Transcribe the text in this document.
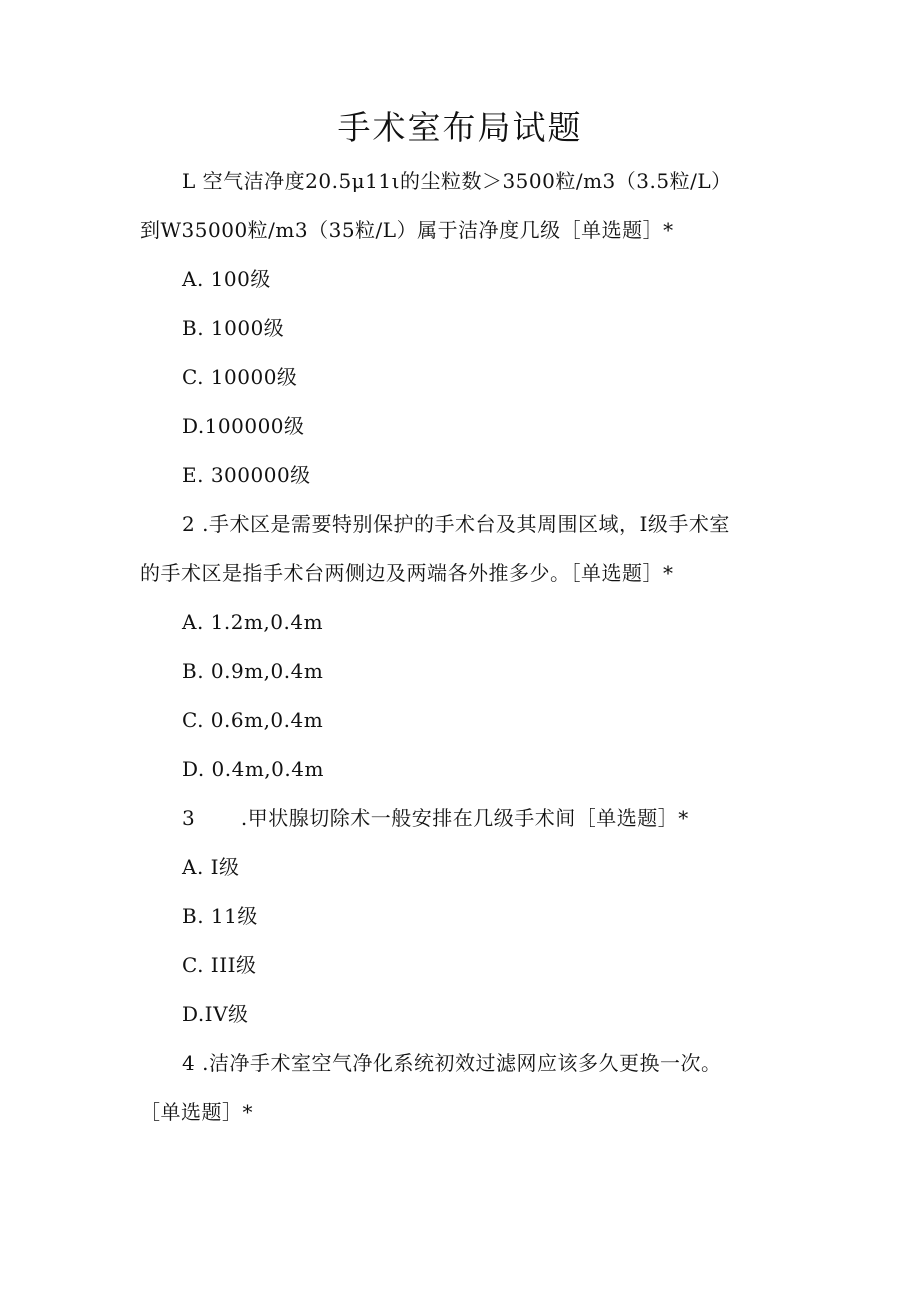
手术室布局试题
L 空气洁净度20.5μ11ι的尘粒数＞3500粒/m3（3.5粒/L）
到W35000粒/m3（35粒/L）属于洁净度几级［单选题］*
A. 100级
B. 1000级
C. 10000级
D.100000级
E. 300000级
2 .手术区是需要特别保护的手术台及其周围区域，I级手术室
的手术区是指手术台两侧边及两端各外推多少。［单选题］*
A. 1.2m,0.4m
B. 0.9m,0.4m
C. 0.6m,0.4m
D. 0.4m,0.4m
3 .甲状腺切除术一般安排在几级手术间［单选题］*
A. I级
B. 11级
C. III级
D.IV级
4 .洁净手术室空气净化系统初效过滤网应该多久更换一次。
［单选题］*
